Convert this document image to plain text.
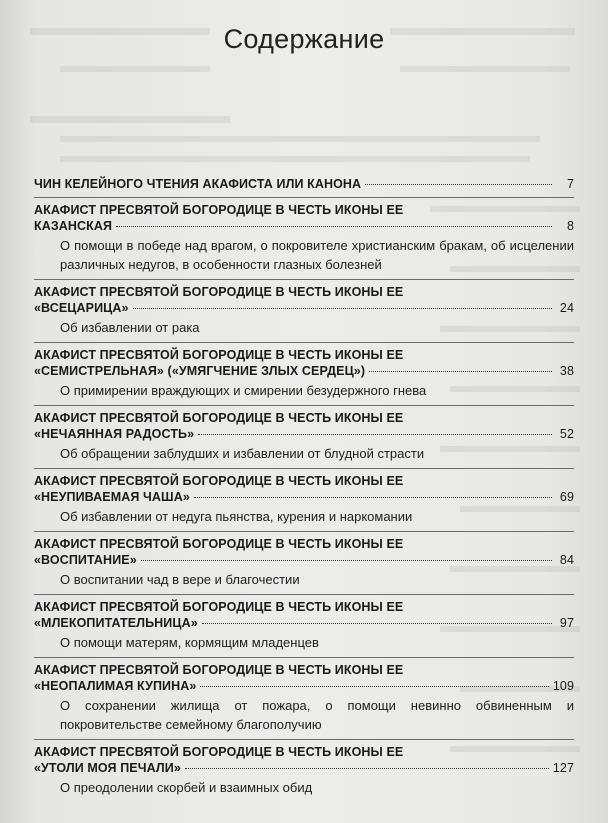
Содержание
ЧИН КЕЛЕЙНОГО ЧТЕНИЯ АКАФИСТА ИЛИ КАНОНА	7
АКАФИСТ ПРЕСВЯТОЙ БОГОРОДИЦЕ В ЧЕСТЬ ИКОНЫ ЕЕ
КАЗАНСКАЯ	8
О помощи в победе над врагом, о покровителе христианским бракам, об исцелении различных недугов, в особенности глазных болезней
АКАФИСТ ПРЕСВЯТОЙ БОГОРОДИЦЕ В ЧЕСТЬ ИКОНЫ ЕЕ
«ВСЕЦАРИЦА»	24
Об избавлении от рака
АКАФИСТ ПРЕСВЯТОЙ БОГОРОДИЦЕ В ЧЕСТЬ ИКОНЫ ЕЕ
«СЕМИСТРЕЛЬНАЯ» («УМЯГЧЕНИЕ ЗЛЫХ СЕРДЕЦ»)	38
О примирении враждующих и смирении безудержного гнева
АКАФИСТ ПРЕСВЯТОЙ БОГОРОДИЦЕ В ЧЕСТЬ ИКОНЫ ЕЕ
«НЕЧАЯННАЯ РАДОСТЬ»	52
Об обращении заблудших и избавлении от блудной страсти
АКАФИСТ ПРЕСВЯТОЙ БОГОРОДИЦЕ В ЧЕСТЬ ИКОНЫ ЕЕ
«НЕУПИВАЕМАЯ ЧАША»	69
Об избавлении от недуга пьянства, курения и наркомании
АКАФИСТ ПРЕСВЯТОЙ БОГОРОДИЦЕ В ЧЕСТЬ ИКОНЫ ЕЕ
«ВОСПИТАНИЕ»	84
О воспитании чад в вере и благочестии
АКАФИСТ ПРЕСВЯТОЙ БОГОРОДИЦЕ В ЧЕСТЬ ИКОНЫ ЕЕ
«МЛЕКОПИТАТЕЛЬНИЦА»	97
О помощи матерям, кормящим младенцев
АКАФИСТ ПРЕСВЯТОЙ БОГОРОДИЦЕ В ЧЕСТЬ ИКОНЫ ЕЕ
«НЕОПАЛИМАЯ КУПИНА»	109
О сохранении жилища от пожара, о помощи невинно обвиненным и покровительстве семейному благополучию
АКАФИСТ ПРЕСВЯТОЙ БОГОРОДИЦЕ В ЧЕСТЬ ИКОНЫ ЕЕ
«УТОЛИ МОЯ ПЕЧАЛИ»	127
О преодолении скорбей и взаимных обид
